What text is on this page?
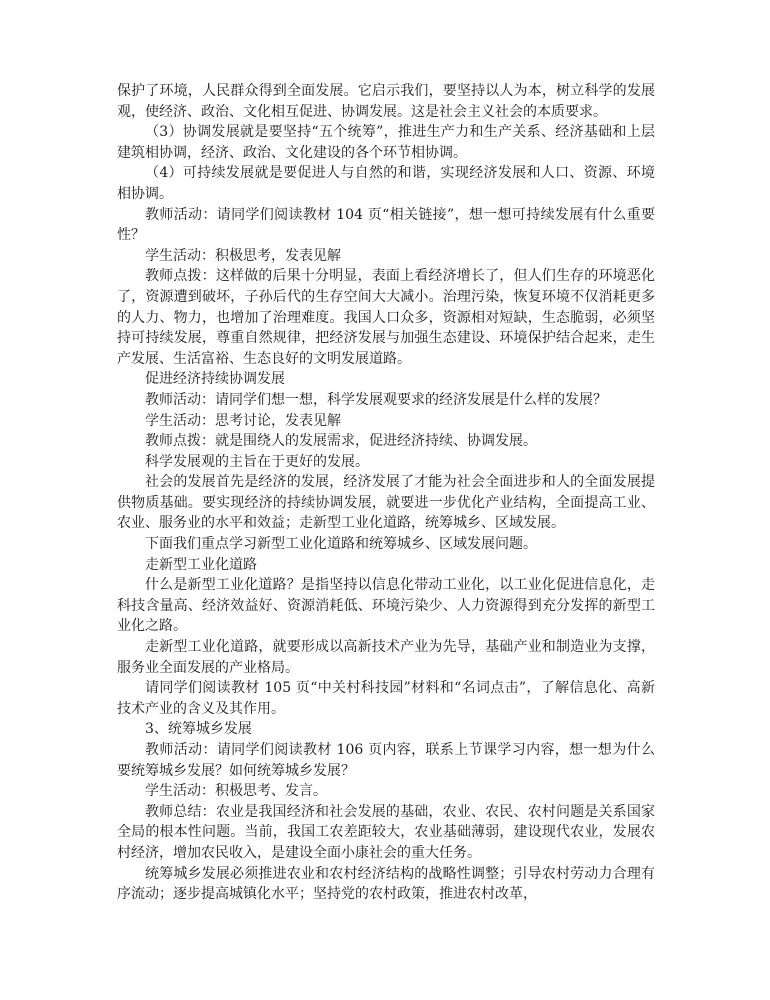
保护了环境，人民群众得到全面发展。它启示我们，要坚持以人为本，树立科学的发展观，使经济、政治、文化相互促进、协调发展。这是社会主义社会的本质要求。

（3）协调发展就是要坚持“五个统筹”，推进生产力和生产关系、经济基础和上层建筑相协调，经济、政治、文化建设的各个环节相协调。

（4）可持续发展就是要促进人与自然的和谐，实现经济发展和人口、资源、环境相协调。

教师活动：请同学们阅读教材 104 页“相关链接”，想一想可持续发展有什么重要性？

学生活动：积极思考，发表见解

教师点拨：这样做的后果十分明显，表面上看经济增长了，但人们生存的环境恶化了，资源遭到破坏，子孙后代的生存空间大大减小。治理污染，恢复环境不仅消耗更多的人力、物力，也增加了治理难度。我国人口众多，资源相对短缺，生态脆弱，必须坚持可持续发展，尊重自然规律，把经济发展与加强生态建设、环境保护结合起来，走生产发展、生活富裕、生态良好的文明发展道路。

促进经济持续协调发展

教师活动：请同学们想一想，科学发展观要求的经济发展是什么样的发展？

学生活动：思考讨论，发表见解

教师点拨：就是围绕人的发展需求，促进经济持续、协调发展。

科学发展观的主旨在于更好的发展。

社会的发展首先是经济的发展，经济发展了才能为社会全面进步和人的全面发展提供物质基础。要实现经济的持续协调发展，就要进一步优化产业结构，全面提高工业、农业、服务业的水平和效益；走新型工业化道路，统筹城乡、区域发展。

下面我们重点学习新型工业化道路和统筹城乡、区域发展问题。

走新型工业化道路

什么是新型工业化道路？是指坚持以信息化带动工业化，以工业化促进信息化，走科技含量高、经济效益好、资源消耗低、环境污染少、人力资源得到充分发挥的新型工业化之路。

走新型工业化道路，就要形成以高新技术产业为先导，基础产业和制造业为支撑，服务业全面发展的产业格局。

请同学们阅读教材 105 页“中关村科技园”材料和“名词点击”，了解信息化、高新技术产业的含义及其作用。

3、统筹城乡发展

教师活动：请同学们阅读教材 106 页内容，联系上节课学习内容，想一想为什么要统筹城乡发展？如何统筹城乡发展？

学生活动：积极思考、发言。

教师总结：农业是我国经济和社会发展的基础，农业、农民、农村问题是关系国家全局的根本性问题。当前，我国工农差距较大，农业基础薄弱，建设现代农业，发展农村经济，增加农民收入，是建设全面小康社会的重大任务。

统筹城乡发展必须推进农业和农村经济结构的战略性调整；引导农村劳动力合理有序流动；逐步提高城镇化水平；坚持党的农村政策，推进农村改革，
